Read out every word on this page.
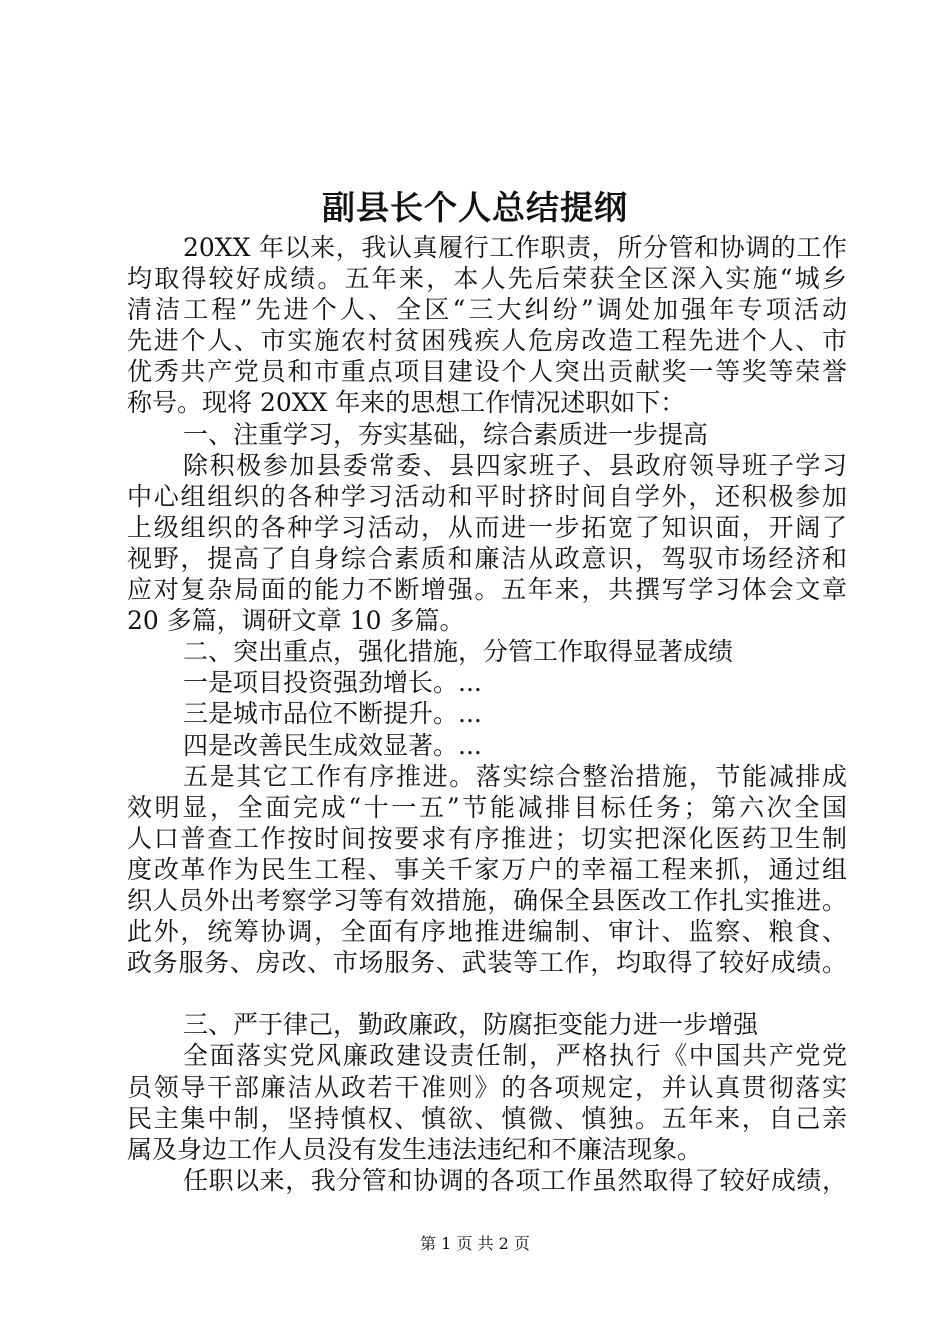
副县长个人总结提纲
20XX 年以来，我认真履行工作职责，所分管和协调的工作
均取得较好成绩。五年来，本人先后荣获全区深入实施“城乡
清洁工程”先进个人、全区“三大纠纷”调处加强年专项活动
先进个人、市实施农村贫困残疾人危房改造工程先进个人、市
优秀共产党员和市重点项目建设个人突出贡献奖一等奖等荣誉
称号。现将 20XX 年来的思想工作情况述职如下：
一、注重学习，夯实基础，综合素质进一步提高
除积极参加县委常委、县四家班子、县政府领导班子学习
中心组组织的各种学习活动和平时挤时间自学外，还积极参加
上级组织的各种学习活动，从而进一步拓宽了知识面，开阔了
视野，提高了自身综合素质和廉洁从政意识，驾驭市场经济和
应对复杂局面的能力不断增强。五年来，共撰写学习体会文章
20 多篇，调研文章 10 多篇。
二、突出重点，强化措施，分管工作取得显著成绩
一是项目投资强劲增长。...
三是城市品位不断提升。...
四是改善民生成效显著。...
五是其它工作有序推进。落实综合整治措施，节能减排成
效明显，全面完成“十一五”节能减排目标任务；第六次全国
人口普查工作按时间按要求有序推进；切实把深化医药卫生制
度改革作为民生工程、事关千家万户的幸福工程来抓，通过组
织人员外出考察学习等有效措施，确保全县医改工作扎实推进。
此外，统筹协调，全面有序地推进编制、审计、监察、粮食、
政务服务、房改、市场服务、武装等工作，均取得了较好成绩。
三、严于律己，勤政廉政，防腐拒变能力进一步增强
全面落实党风廉政建设责任制，严格执行《中国共产党党
员领导干部廉洁从政若干准则》的各项规定，并认真贯彻落实
民主集中制，坚持慎权、慎欲、慎微、慎独。五年来，自己亲
属及身边工作人员没有发生违法违纪和不廉洁现象。
任职以来，我分管和协调的各项工作虽然取得了较好成绩，
第 1 页 共 2 页
